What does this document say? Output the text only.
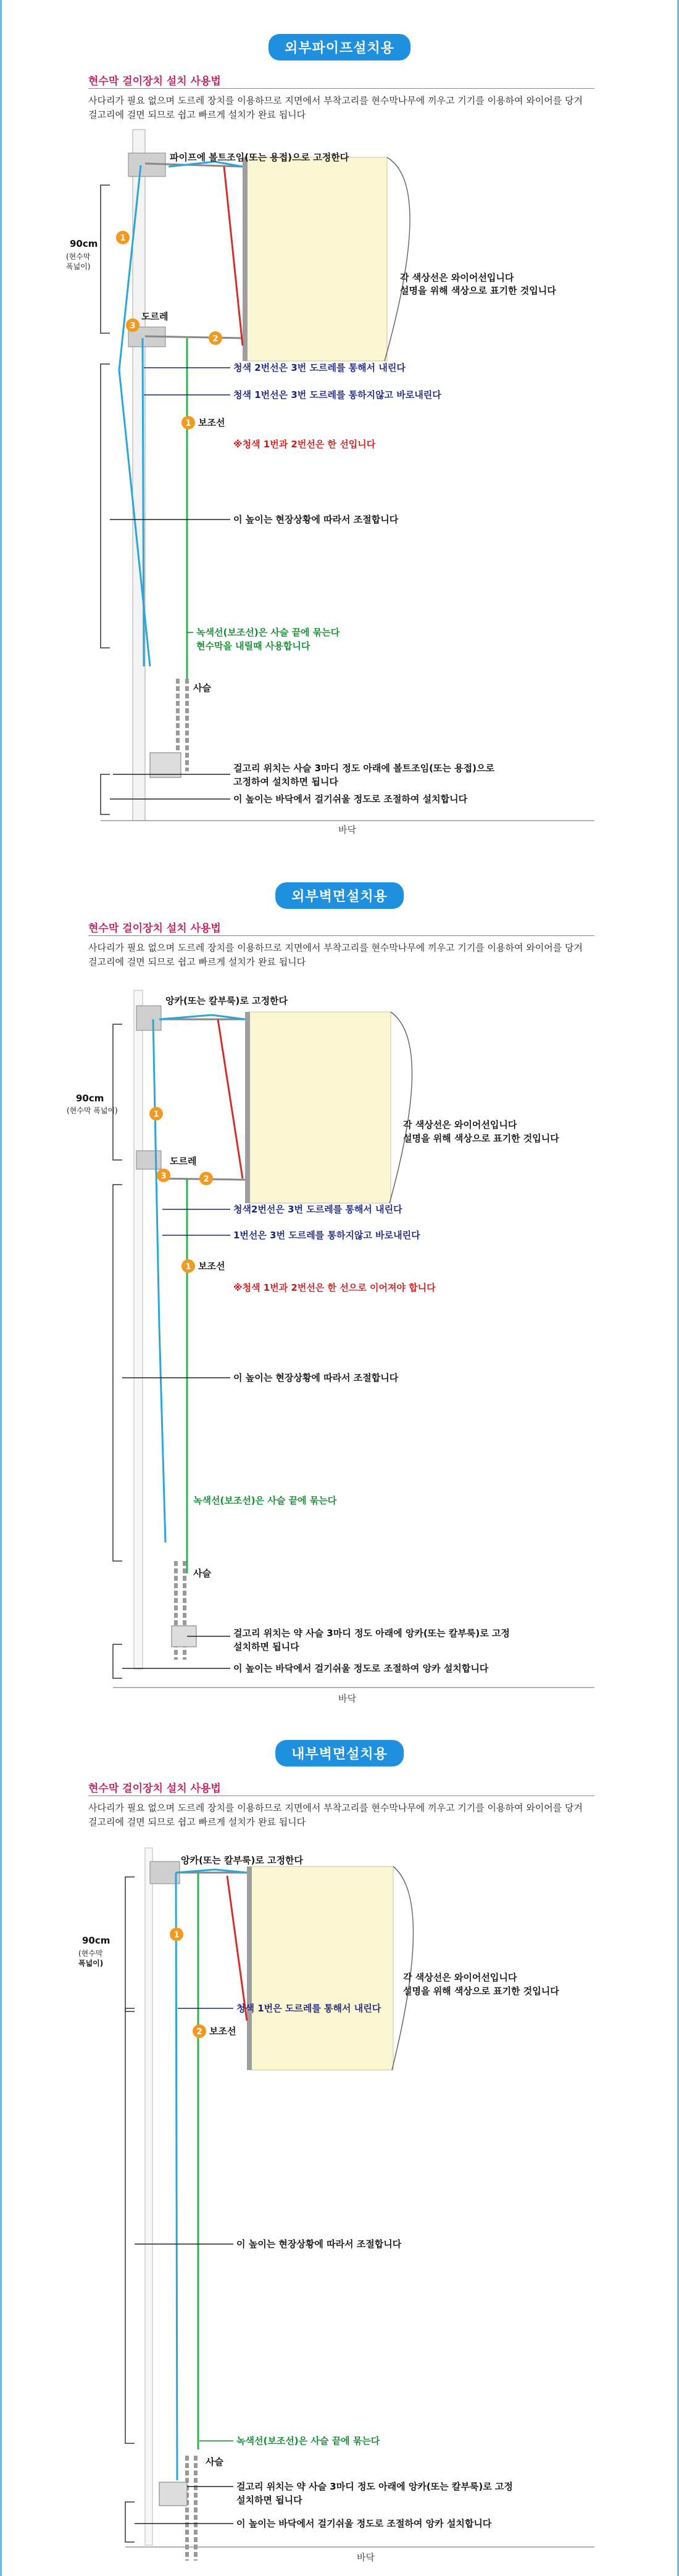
외부파이프설치용
현수막 걸이장치 설치 사용법
사다리가 필요 없으며 도르레 장치를 이용하므로 지면에서 부착고리를 현수막나무에 끼우고 기기를 이용하여 와이어를 당겨 걸고리에 걸면 되므로 쉽고 빠르게 설치가 완료 됩니다
1
2
3
1
파이프에 볼트조임(또는 용접)으로 고정한다
90cm
(현수막
폭넓이)
도르레
각 색상선은 와이어선입니다
설명을 위해 색상으로 표기한 것입니다
청색 2번선은 3번 도르레를 통해서 내린다
청색 1번선은 3번 도르레를 통하지않고 바로내린다
보조선
※청색 1번과 2번선은 한 선입니다
이 높이는 현장상황에 따라서 조절합니다
녹색선(보조선)은 사슬 끝에 묶는다
현수막을 내릴때 사용합니다
사슬
걸고리 위치는 사슬 3마디 정도 아래에 볼트조임(또는 용접)으로
고정하여 설치하면 됩니다
이 높이는 바닥에서 걸기쉬울 정도로 조절하여 설치합니다
바닥
외부벽면설치용
현수막 걸이장치 설치 사용법
사다리가 필요 없으며 도르레 장치를 이용하므로 지면에서 부착고리를 현수막나무에 끼우고 기기를 이용하여 와이어를 당겨 걸고리에 걸면 되므로 쉽고 빠르게 설치가 완료 됩니다
1
2
3
1
앙카(또는 칼부룩)로 고정한다
90cm
(현수막 폭넓이)
도르레
각 색상선은 와이어선입니다
설명을 위해 색상으로 표기한 것입니다
청색2번선은 3번 도르레를 통해서 내린다
1번선은 3번 도르레를 통하지않고 바로내린다
보조선
※청색 1번과 2번선은 한 선으로 이어져야 합니다
이 높이는 현장상황에 따라서 조절합니다
녹색선(보조선)은 사슬 끝에 묶는다
사슬
걸고리 위치는 약 사슬 3마디 정도 아래에 앙카(또는 칼부룩)로 고정
설치하면 됩니다
이 높이는 바닥에서 걸기쉬울 정도로 조절하여 앙카 설치합니다
바닥
내부벽면설치용
현수막 걸이장치 설치 사용법
사다리가 필요 없으며 도르레 장치를 이용하므로 지면에서 부착고리를 현수막나무에 끼우고 기기를 이용하여 와이어를 당겨 걸고리에 걸면 되므로 쉽고 빠르게 설치가 완료 됩니다
1
2
앙카(또는 칼부룩)로 고정한다
90cm
(현수막
폭넓이)
각 색상선은 와이어선입니다
설명을 위해 색상으로 표기한 것입니다
청색 1번은 도르레를 통해서 내린다
보조선
이 높이는 현장상황에 따라서 조절합니다
녹색선(보조선)은 사슬 끝에 묶는다
사슬
걸고리 위치는 약 사슬 3마디 정도 아래에 앙카(또는 칼부룩)로 고정
설치하면 됩니다
이 높이는 바닥에서 걸기쉬울 정도로 조절하여 앙카 설치합니다
바닥
